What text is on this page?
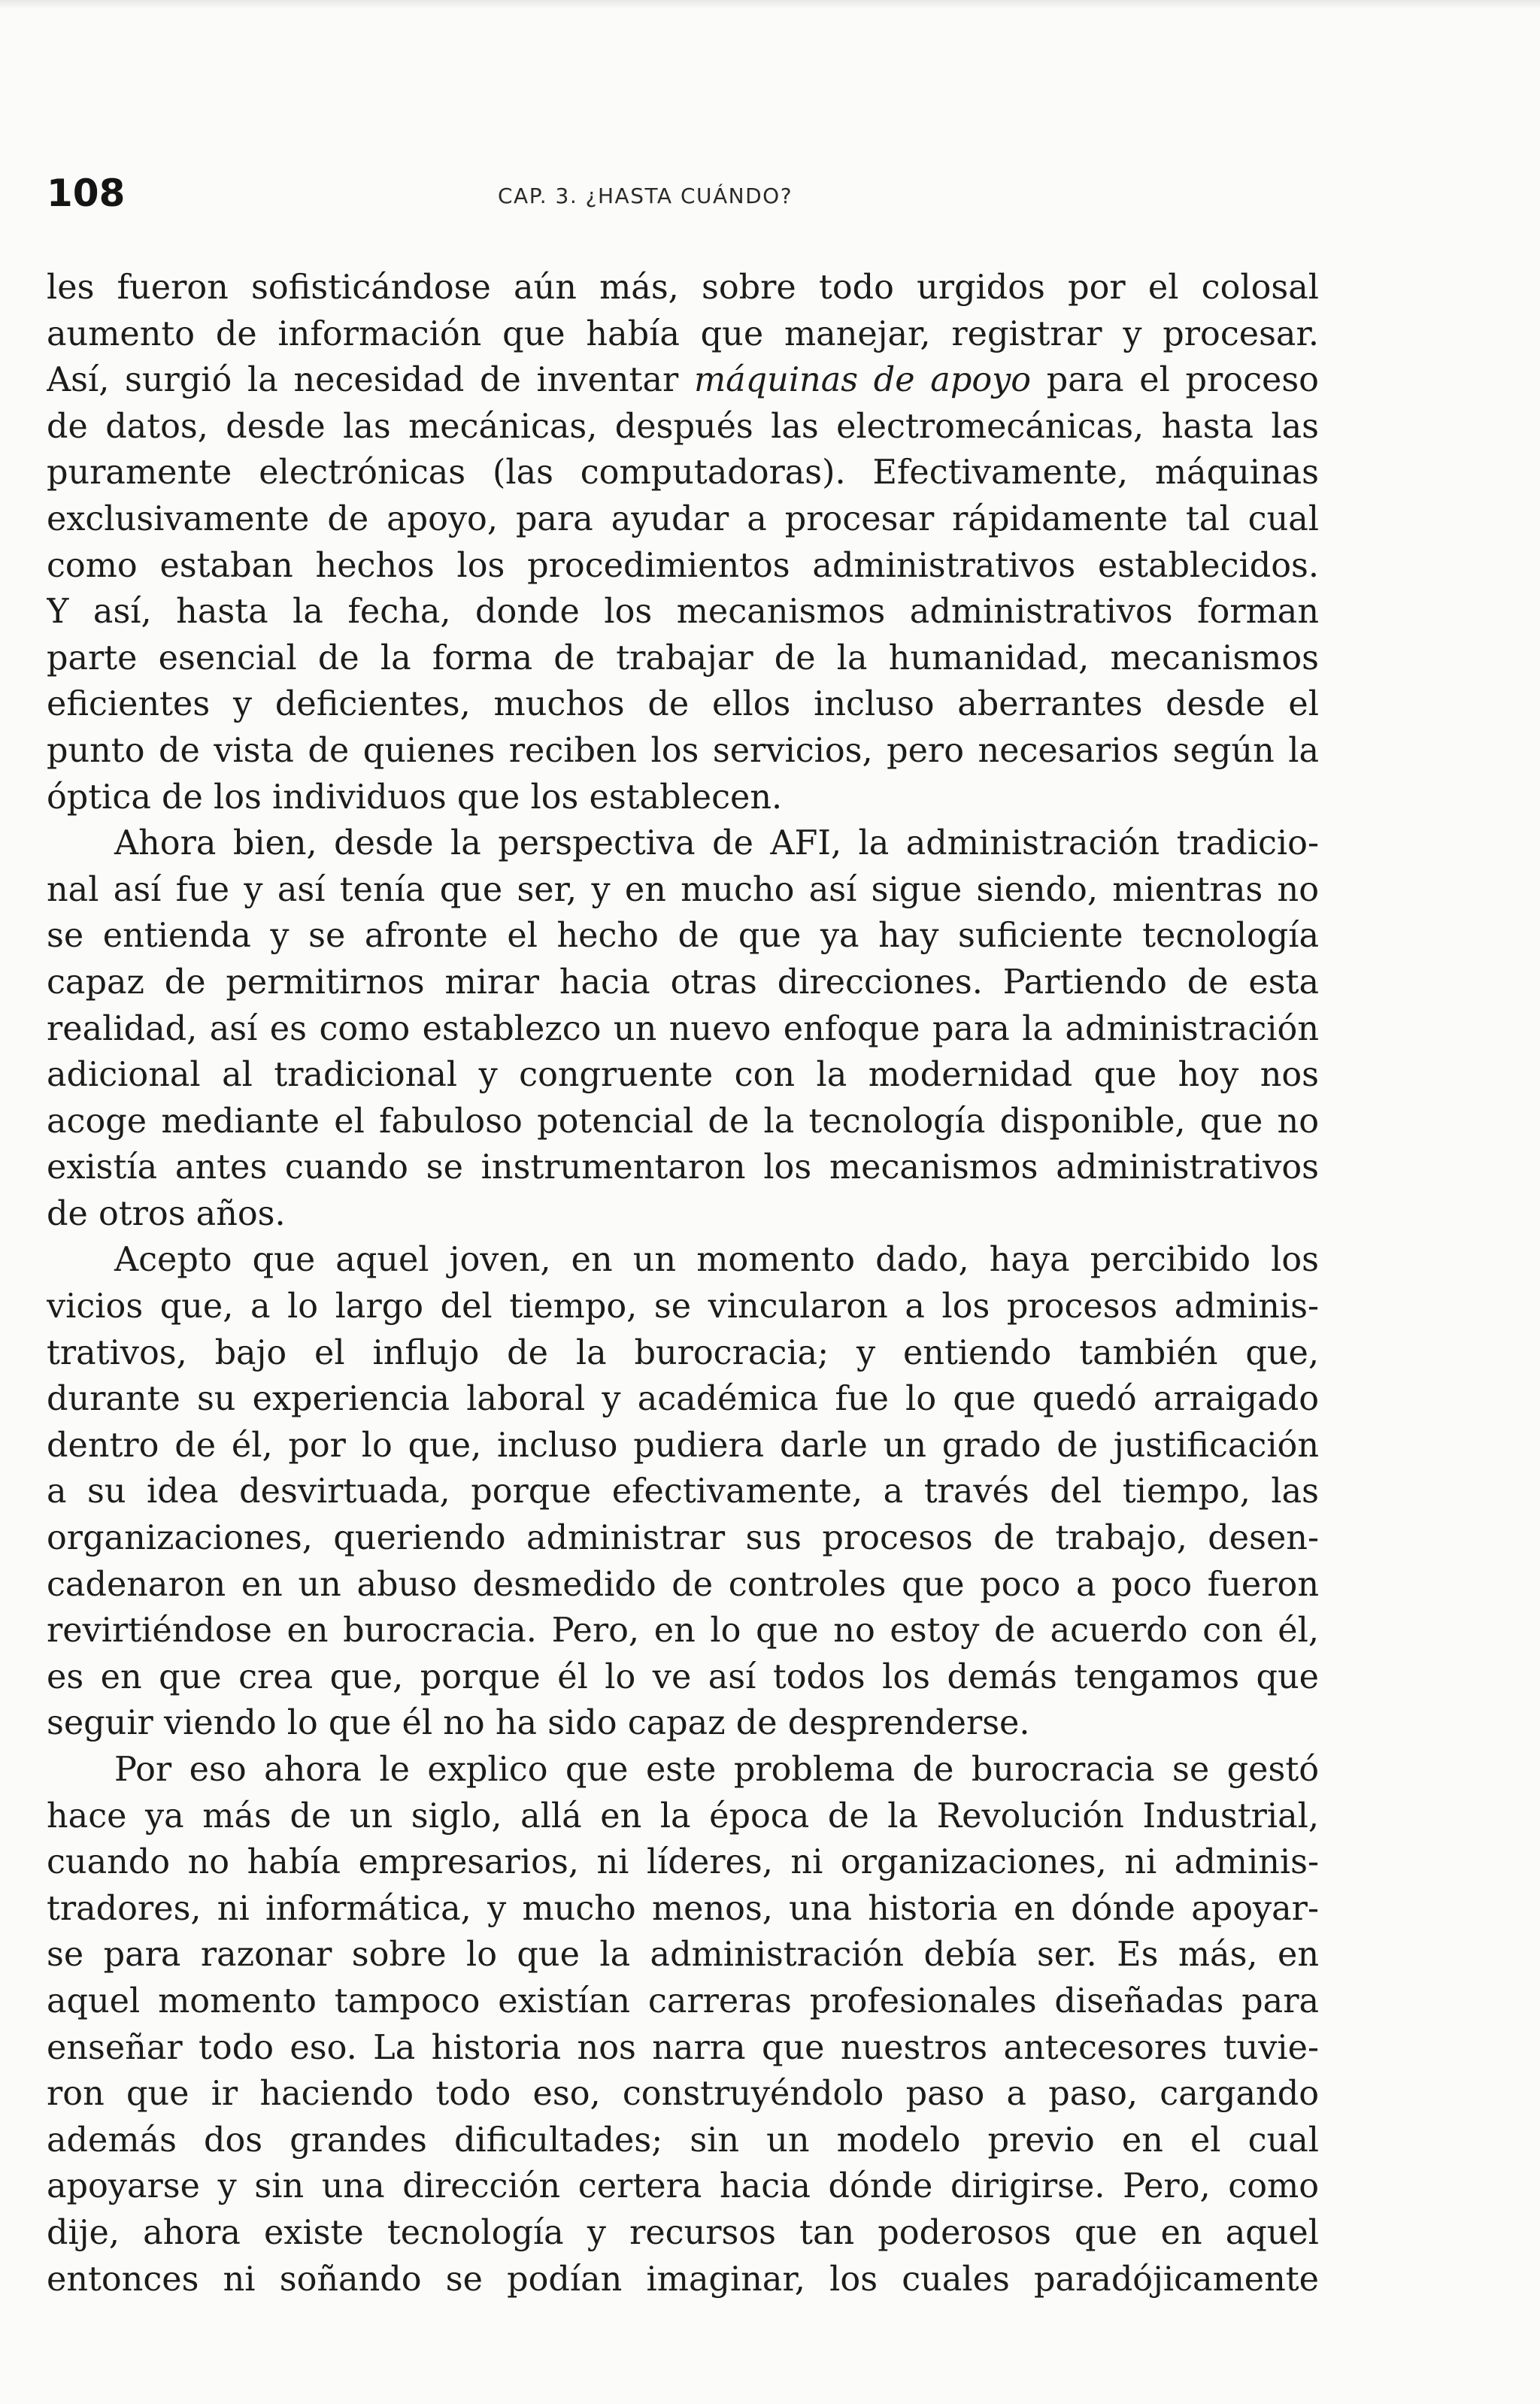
108	CAP. 3. ¿HASTA CUÁNDO?
les fueron sofisticándose aún más, sobre todo urgidos por el colosal
aumento de información que había que manejar, registrar y procesar.
Así, surgió la necesidad de inventar máquinas de apoyo para el proceso
de datos, desde las mecánicas, después las electromecánicas, hasta las
puramente electrónicas (las computadoras). Efectivamente, máquinas
exclusivamente de apoyo, para ayudar a procesar rápidamente tal cual
como estaban hechos los procedimientos administrativos establecidos.
Y así, hasta la fecha, donde los mecanismos administrativos forman
parte esencial de la forma de trabajar de la humanidad, mecanismos
eficientes y deficientes, muchos de ellos incluso aberrantes desde el
punto de vista de quienes reciben los servicios, pero necesarios según la
óptica de los individuos que los establecen.
Ahora bien, desde la perspectiva de AFI, la administración tradicio-
nal así fue y así tenía que ser, y en mucho así sigue siendo, mientras no
se entienda y se afronte el hecho de que ya hay suficiente tecnología
capaz de permitirnos mirar hacia otras direcciones. Partiendo de esta
realidad, así es como establezco un nuevo enfoque para la administración
adicional al tradicional y congruente con la modernidad que hoy nos
acoge mediante el fabuloso potencial de la tecnología disponible, que no
existía antes cuando se instrumentaron los mecanismos administrativos
de otros años.
Acepto que aquel joven, en un momento dado, haya percibido los
vicios que, a lo largo del tiempo, se vincularon a los procesos adminis-
trativos, bajo el influjo de la burocracia; y entiendo también que,
durante su experiencia laboral y académica fue lo que quedó arraigado
dentro de él, por lo que, incluso pudiera darle un grado de justificación
a su idea desvirtuada, porque efectivamente, a través del tiempo, las
organizaciones, queriendo administrar sus procesos de trabajo, desen-
cadenaron en un abuso desmedido de controles que poco a poco fueron
revirtiéndose en burocracia. Pero, en lo que no estoy de acuerdo con él,
es en que crea que, porque él lo ve así todos los demás tengamos que
seguir viendo lo que él no ha sido capaz de desprenderse.
Por eso ahora le explico que este problema de burocracia se gestó
hace ya más de un siglo, allá en la época de la Revolución Industrial,
cuando no había empresarios, ni líderes, ni organizaciones, ni adminis-
tradores, ni informática, y mucho menos, una historia en dónde apoyar-
se para razonar sobre lo que la administración debía ser. Es más, en
aquel momento tampoco existían carreras profesionales diseñadas para
enseñar todo eso. La historia nos narra que nuestros antecesores tuvie-
ron que ir haciendo todo eso, construyéndolo paso a paso, cargando
además dos grandes dificultades; sin un modelo previo en el cual
apoyarse y sin una dirección certera hacia dónde dirigirse. Pero, como
dije, ahora existe tecnología y recursos tan poderosos que en aquel
entonces ni soñando se podían imaginar, los cuales paradójicamente
